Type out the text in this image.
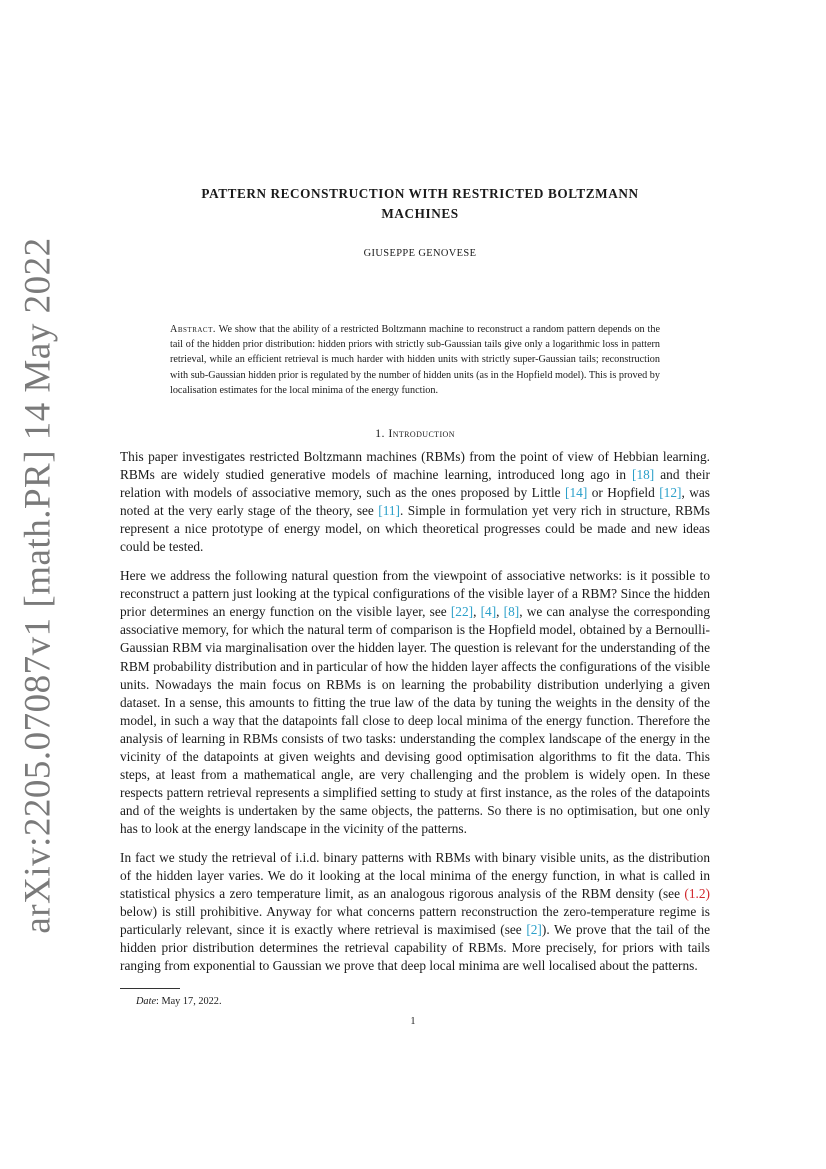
arXiv:2205.07087v1 [math.PR] 14 May 2022
PATTERN RECONSTRUCTION WITH RESTRICTED BOLTZMANN
MACHINES
GIUSEPPE GENOVESE
Abstract. We show that the ability of a restricted Boltzmann machine to reconstruct a random pattern depends on the tail of the hidden prior distribution: hidden priors with strictly sub-Gaussian tails give only a logarithmic loss in pattern retrieval, while an efficient retrieval is much harder with hidden units with strictly super-Gaussian tails; reconstruction with sub-Gaussian hidden prior is regulated by the number of hidden units (as in the Hopfield model). This is proved by localisation estimates for the local minima of the energy function.
1. Introduction

This paper investigates restricted Boltzmann machines (RBMs) from the point of view of Hebbian learning. RBMs are widely studied generative models of machine learning, introduced long ago in [18] and their relation with models of associative memory, such as the ones proposed by Little [14] or Hopfield [12], was noted at the very early stage of the theory, see [11]. Simple in formulation yet very rich in structure, RBMs represent a nice prototype of energy model, on which theoretical progresses could be made and new ideas could be tested.

Here we address the following natural question from the viewpoint of associative networks: is it possible to reconstruct a pattern just looking at the typical configurations of the visible layer of a RBM? Since the hidden prior determines an energy function on the visible layer, see [22], [4], [8], we can analyse the corresponding associative memory, for which the natural term of comparison is the Hopfield model, obtained by a Bernoulli-Gaussian RBM via marginalisation over the hidden layer. The question is relevant for the understanding of the RBM probability distribution and in particular of how the hidden layer affects the configurations of the visible units. Nowadays the main focus on RBMs is on learning the probability distribution underlying a given dataset. In a sense, this amounts to fitting the true law of the data by tuning the weights in the density of the model, in such a way that the datapoints fall close to deep local minima of the energy function. Therefore the analysis of learning in RBMs consists of two tasks: understanding the complex landscape of the energy in the vicinity of the datapoints at given weights and devising good optimisation algorithms to fit the data. This steps, at least from a mathematical angle, are very challenging and the problem is widely open. In these respects pattern retrieval represents a simplified setting to study at first instance, as the roles of the datapoints and of the weights is undertaken by the same objects, the patterns. So there is no optimisation, but one only has to look at the energy landscape in the vicinity of the patterns.

In fact we study the retrieval of i.i.d. binary patterns with RBMs with binary visible units, as the distribution of the hidden layer varies. We do it looking at the local minima of the energy function, in what is called in statistical physics a zero temperature limit, as an analogous rigorous analysis of the RBM density (see (1.2) below) is still prohibitive. Anyway for what concerns pattern reconstruction the zero-temperature regime is particularly relevant, since it is exactly where retrieval is maximised (see [2]). We prove that the tail of the hidden prior distribution determines the retrieval capability of RBMs. More precisely, for priors with tails ranging from exponential to Gaussian we prove that deep local minima are well localised about the patterns.

Date: May 17, 2022.
1
